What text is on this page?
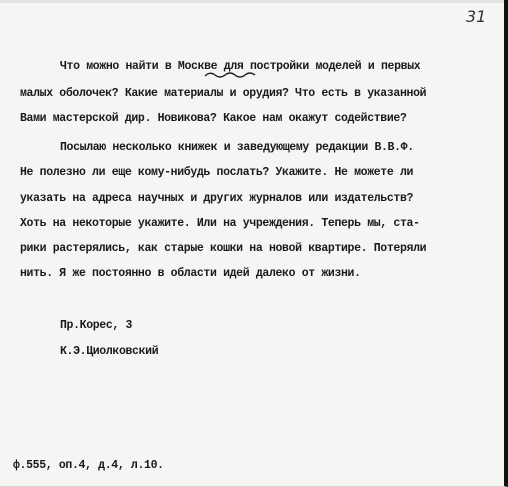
31
Что можно найти в Москве для постройки моделей и первых
малых оболочек? Какие материалы и орудия? Что есть в указанной
Вами мастерской дир. Новикова? Какое нам окажут содействие?
Посылаю несколько книжек и заведующему редакции В.В.Ф.
Не полезно ли еще кому-нибудь послать? Укажите. Не можете ли
указать на адреса научных и других журналов или издательств?
Хоть на некоторые укажите. Или на учреждения. Теперь мы, ста-
рики растерялись, как старые кошки на новой квартире. Потеряли
нить. Я же постоянно в области идей далеко от жизни.
Пр.Корес, 3
К.Э.Циолковский
ф.555, оп.4, д.4, л.10.
